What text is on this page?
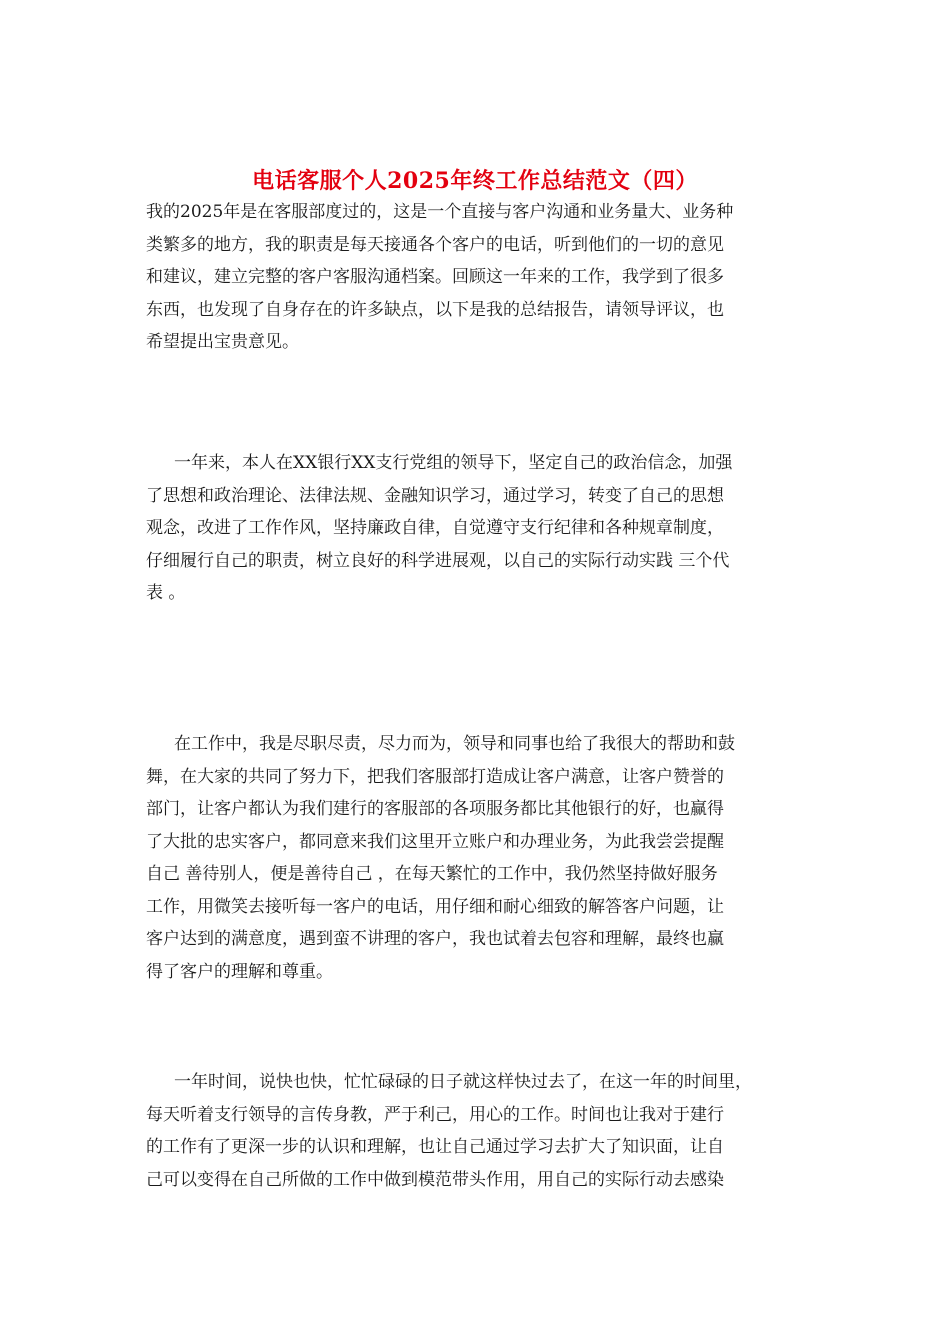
电话客服个人2025年终工作总结范文（四）
我的2025年是在客服部度过的，这是一个直接与客户沟通和业务量大、业务种
类繁多的地方，我的职责是每天接通各个客户的电话，听到他们的一切的意见
和建议，建立完整的客户客服沟通档案。回顾这一年来的工作，我学到了很多
东西，也发现了自身存在的许多缺点，以下是我的总结报告，请领导评议，也
希望提出宝贵意见。
一年来，本人在XX银行XX支行党组的领导下，坚定自己的政治信念，加强
了思想和政治理论、法律法规、金融知识学习，通过学习，转变了自己的思想
观念，改进了工作作风，坚持廉政自律，自觉遵守支行纪律和各种规章制度，
仔细履行自己的职责，树立良好的科学进展观，以自己的实际行动实践 三个代
表 。
在工作中，我是尽职尽责，尽力而为，领导和同事也给了我很大的帮助和鼓
舞，在大家的共同了努力下，把我们客服部打造成让客户满意，让客户赞誉的
部门，让客户都认为我们建行的客服部的各项服务都比其他银行的好，也赢得
了大批的忠实客户，都同意来我们这里开立账户和办理业务，为此我尝尝提醒
自己 善待别人，便是善待自己 ，在每天繁忙的工作中，我仍然坚持做好服务
工作，用微笑去接听每一客户的电话，用仔细和耐心细致的解答客户问题，让
客户达到的满意度，遇到蛮不讲理的客户，我也试着去包容和理解，最终也赢
得了客户的理解和尊重。
一年时间，说快也快，忙忙碌碌的日子就这样快过去了，在这一年的时间里，
每天听着支行领导的言传身教，严于利己，用心的工作。时间也让我对于建行
的工作有了更深一步的认识和理解，也让自己通过学习去扩大了知识面，让自
己可以变得在自己所做的工作中做到模范带头作用，用自己的实际行动去感染
